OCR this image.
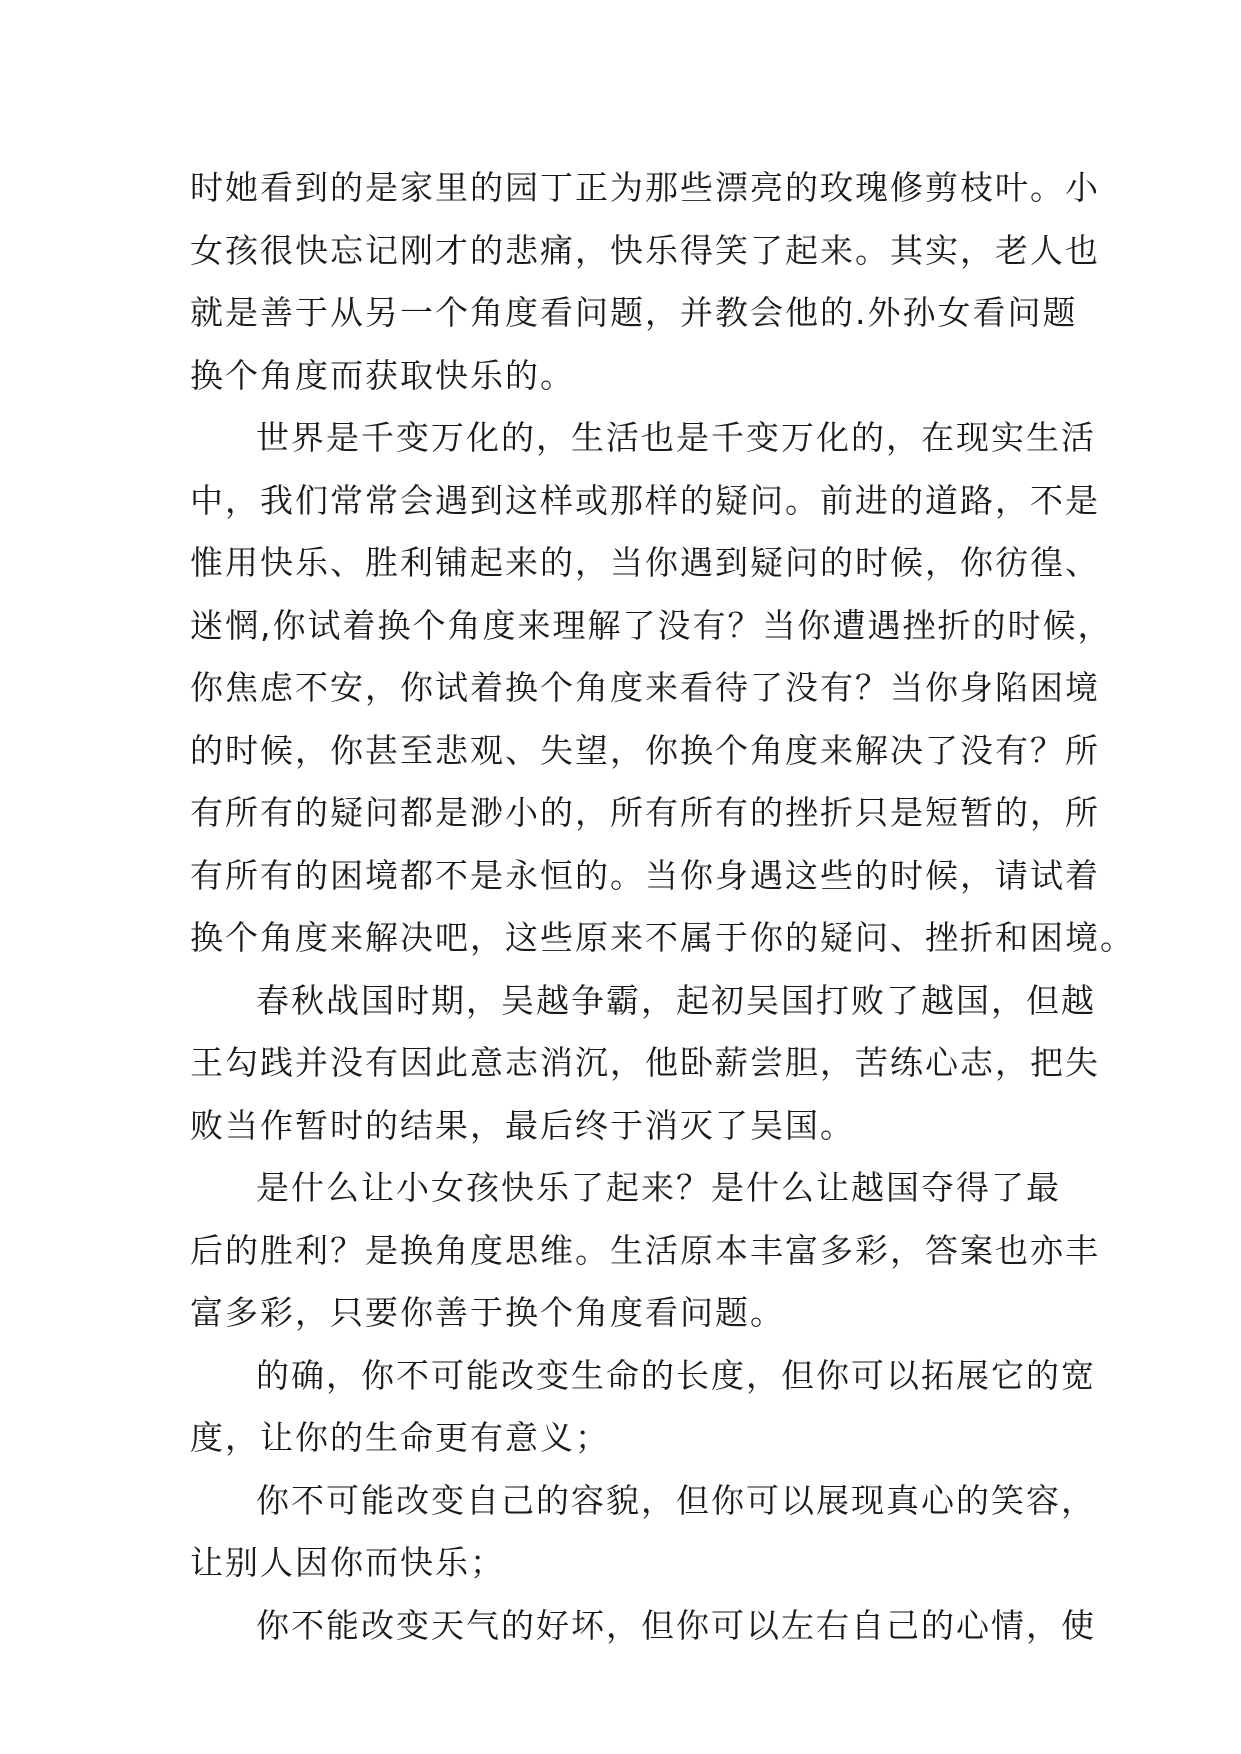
时她看到的是家里的园丁正为那些漂亮的玫瑰修剪枝叶。小
女孩很快忘记刚才的悲痛，快乐得笑了起来。其实，老人也
就是善于从另一个角度看问题，并教会他的.外孙女看问题
换个角度而获取快乐的。
世界是千变万化的，生活也是千变万化的，在现实生活
中，我们常常会遇到这样或那样的疑问。前进的道路，不是
惟用快乐、胜利铺起来的，当你遇到疑问的时候，你彷徨、
迷惘,你试着换个角度来理解了没有？当你遭遇挫折的时候，
你焦虑不安，你试着换个角度来看待了没有？当你身陷困境
的时候，你甚至悲观、失望，你换个角度来解决了没有？所
有所有的疑问都是渺小的，所有所有的挫折只是短暂的，所
有所有的困境都不是永恒的。当你身遇这些的时候，请试着
换个角度来解决吧，这些原来不属于你的疑问、挫折和困境。
春秋战国时期，吴越争霸，起初吴国打败了越国，但越
王勾践并没有因此意志消沉，他卧薪尝胆，苦练心志，把失
败当作暂时的结果，最后终于消灭了吴国。
是什么让小女孩快乐了起来？是什么让越国夺得了最
后的胜利？是换角度思维。生活原本丰富多彩，答案也亦丰
富多彩，只要你善于换个角度看问题。
的确，你不可能改变生命的长度，但你可以拓展它的宽
度，让你的生命更有意义；
你不可能改变自己的容貌，但你可以展现真心的笑容，
让别人因你而快乐；
你不能改变天气的好坏，但你可以左右自己的心情，使
